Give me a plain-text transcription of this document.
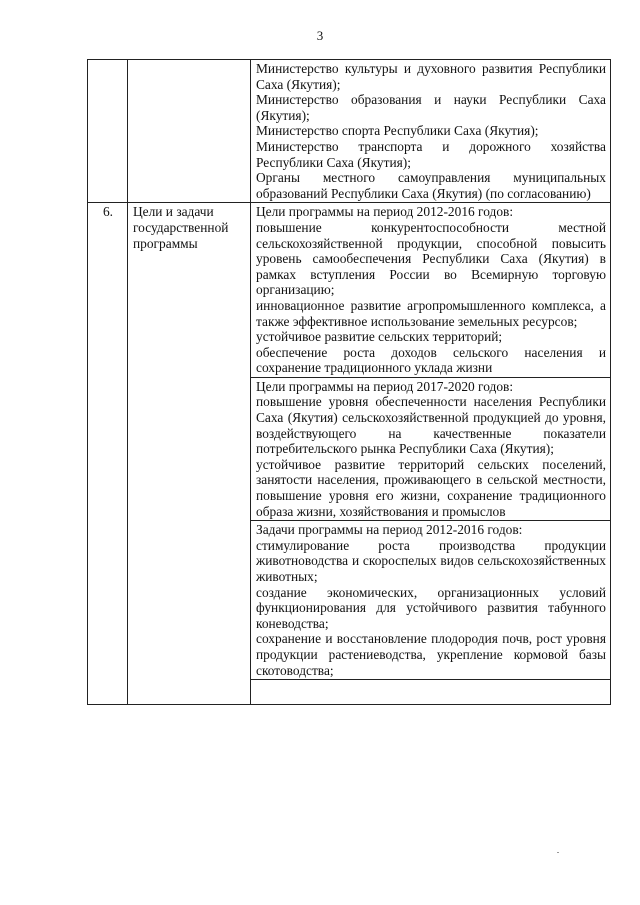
3

		Министерство культуры и духовного развития Республики Саха (Якутия);
Министерство образования и науки Республики Саха (Якутия);
Министерство спорта Республики Саха (Якутия);
Министерство транспорта и дорожного хозяйства Республики Саха (Якутия);
Органы местного самоуправления муниципальных образований Республики Саха (Якутия) (по согласованию)

6.	Цели и задачи государственной программы	Цели программы на период 2012-2016 годов:
повышение конкурентоспособности местной сельскохозяйственной продукции, способной повысить уровень самообеспечения Республики Саха (Якутия) в рамках вступления России во Всемирную торговую организацию;
инновационное развитие агропромышленного комплекса, а также эффективное использование земельных ресурсов;
устойчивое развитие сельских территорий;
обеспечение роста доходов сельского населения и сохранение традиционного уклада жизни

		Цели программы на период 2017-2020 годов:
повышение уровня обеспеченности населения Республики Саха (Якутия) сельскохозяйственной продукцией до уровня, воздействующего на качественные показатели потребительского рынка Республики Саха (Якутия);
устойчивое развитие территорий сельских поселений, занятости населения, проживающего в сельской местности, повышение уровня его жизни, сохранение традиционного образа жизни, хозяйствования и промыслов

		Задачи программы на период 2012-2016 годов:
стимулирование роста производства продукции животноводства и скороспелых видов сельскохозяйственных животных;
создание экономических, организационных условий функционирования для устойчивого развития табунного коневодства;
сохранение и восстановление плодородия почв, рост уровня продукции растениеводства, укрепление кормовой базы скотоводства;
